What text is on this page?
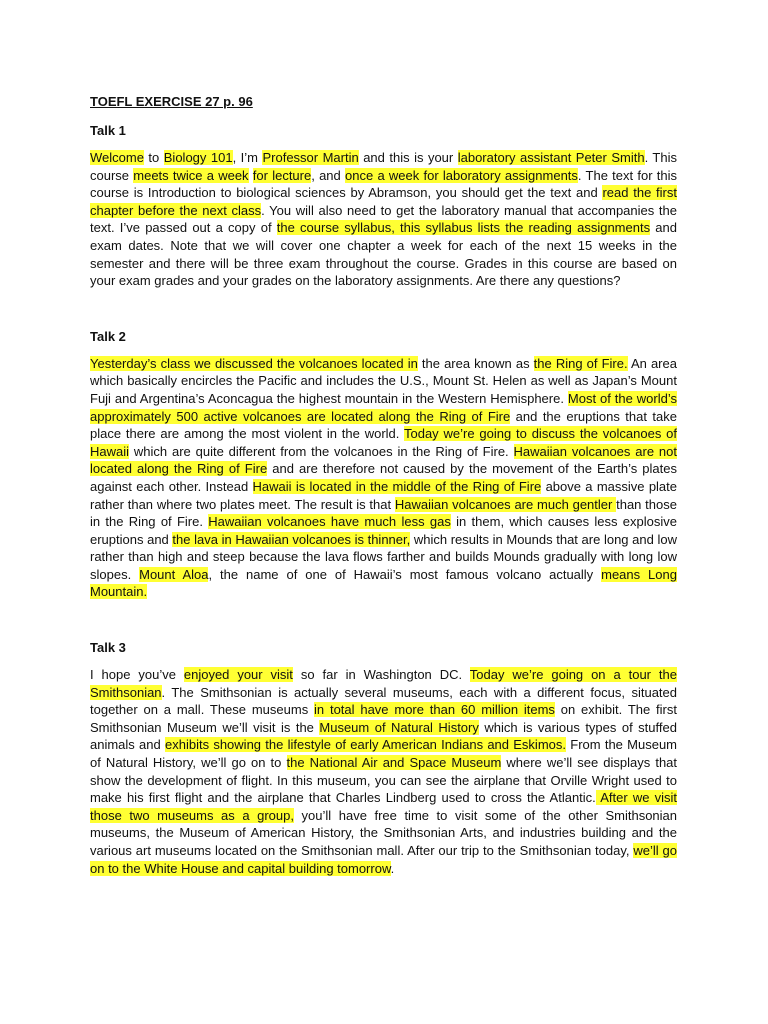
TOEFL EXERCISE 27 p. 96
Talk 1

Welcome to Biology 101, I’m Professor Martin and this is your laboratory assistant Peter Smith. This course meets twice a week for lecture, and once a week for laboratory assignments. The text for this course is Introduction to biological sciences by Abramson, you should get the text and read the first chapter before the next class. You will also need to get the laboratory manual that accompanies the text. I’ve passed out a copy of the course syllabus, this syllabus lists the reading assignments and exam dates. Note that we will cover one chapter a week for each of the next 15 weeks in the semester and there will be three exam throughout the course. Grades in this course are based on your exam grades and your grades on the laboratory assignments. Are there any questions?

Talk 2

Yesterday’s class we discussed the volcanoes located in the area known as the Ring of Fire. An area which basically encircles the Pacific and includes the U.S., Mount St. Helen as well as Japan’s Mount Fuji and Argentina’s Aconcagua the highest mountain in the Western Hemisphere. Most of the world’s approximately 500 active volcanoes are located along the Ring of Fire and the eruptions that take place there are among the most violent in the world. Today we’re going to discuss the volcanoes of Hawaii which are quite different from the volcanoes in the Ring of Fire. Hawaiian volcanoes are not located along the Ring of Fire and are therefore not caused by the movement of the Earth’s plates against each other. Instead Hawaii is located in the middle of the Ring of Fire above a massive plate rather than where two plates meet. The result is that Hawaiian volcanoes are much gentler than those in the Ring of Fire. Hawaiian volcanoes have much less gas in them, which causes less explosive eruptions and the lava in Hawaiian volcanoes is thinner, which results in Mounds that are long and low rather than high and steep because the lava flows farther and builds Mounds gradually with long low slopes. Mount Aloa, the name of one of Hawaii’s most famous volcano actually means Long Mountain.

Talk 3

I hope you’ve enjoyed your visit so far in Washington DC. Today we’re going on a tour the Smithsonian. The Smithsonian is actually several museums, each with a different focus, situated together on a mall. These museums in total have more than 60 million items on exhibit. The first Smithsonian Museum we’ll visit is the Museum of Natural History which is various types of stuffed animals and exhibits showing the lifestyle of early American Indians and Eskimos. From the Museum of Natural History, we’ll go on to the National Air and Space Museum where we’ll see displays that show the development of flight. In this museum, you can see the airplane that Orville Wright used to make his first flight and the airplane that Charles Lindberg used to cross the Atlantic. After we visit those two museums as a group, you’ll have free time to visit some of the other Smithsonian museums, the Museum of American History, the Smithsonian Arts, and industries building and the various art museums located on the Smithsonian mall. After our trip to the Smithsonian today, we’ll go on to the White House and capital building tomorrow.
